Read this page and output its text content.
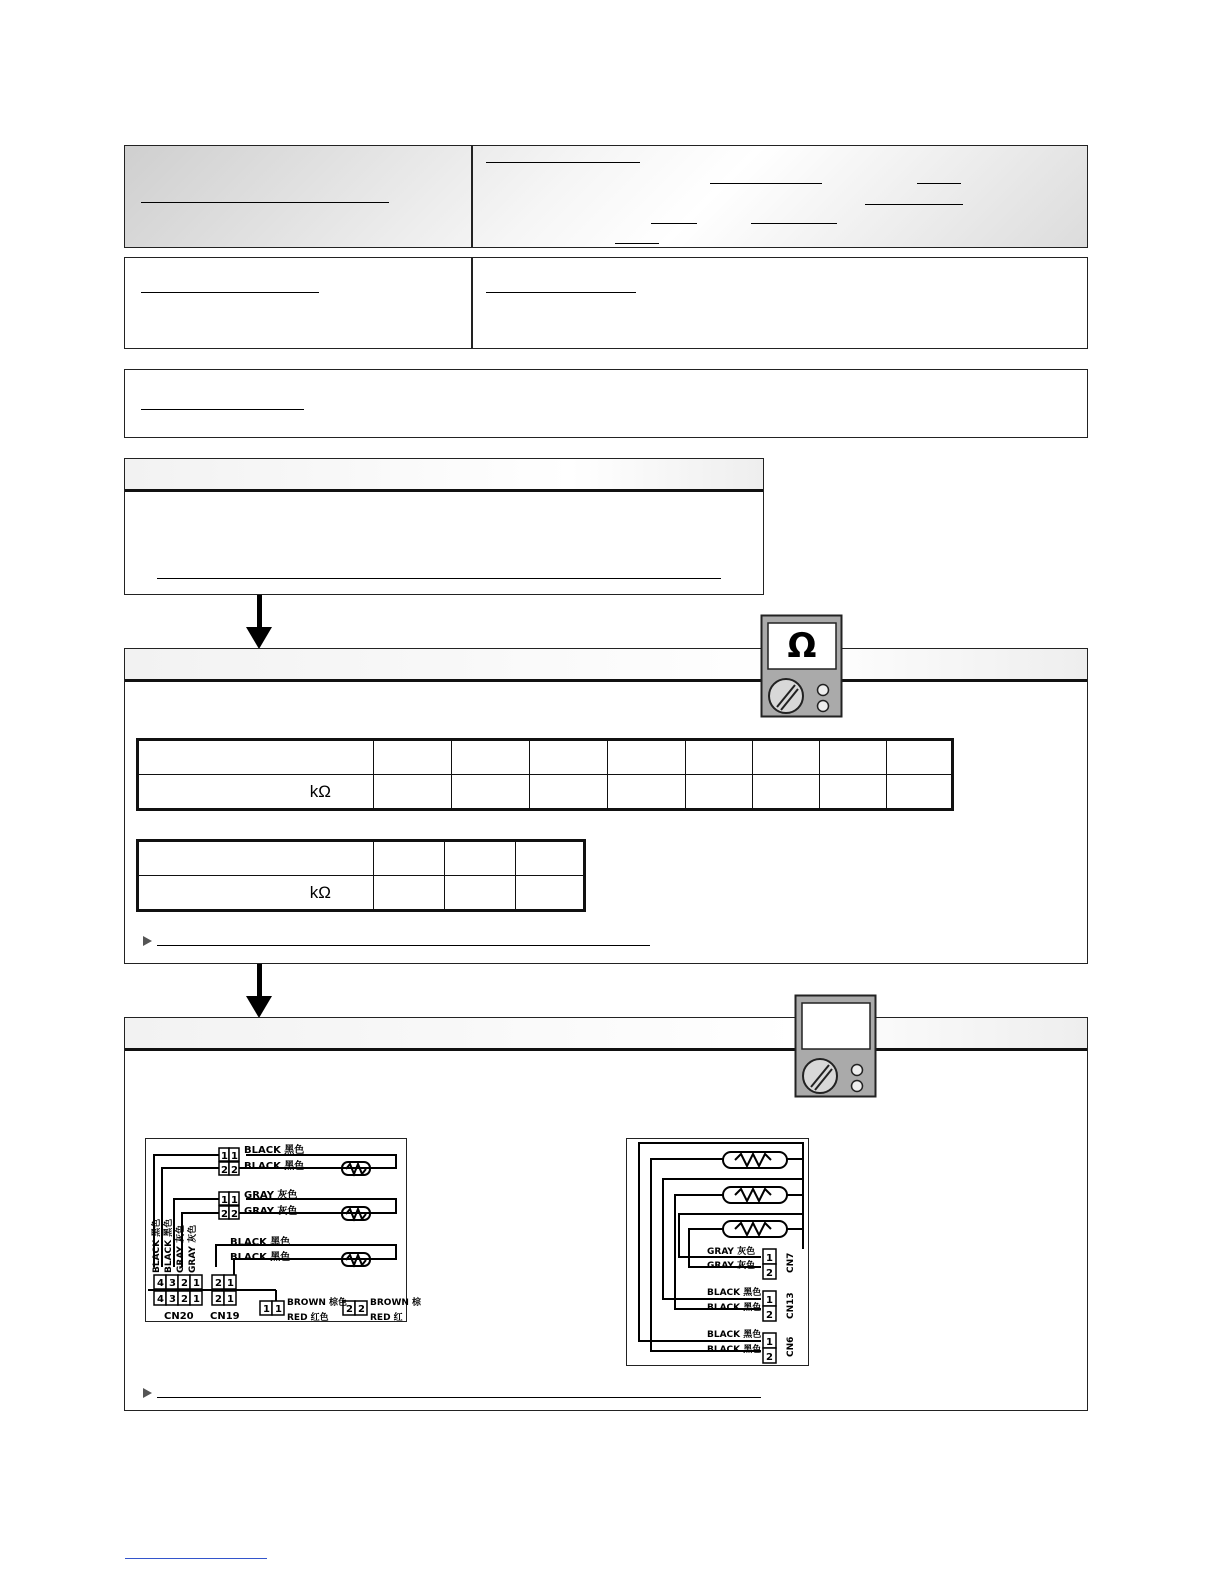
kΩ								

kΩ			
Ω
1 1
2 2
1 1
2 2
BLACK 黑色
BLACK 黑色
GRAY 灰色
GRAY 灰色
BLACK 黑色
BLACK 黑色
4 3 2 1
4 3 2 1
2 1
2 1
1 1	2 2
CN20 CN19
BROWN 棕色
RED 红色
BROWN 棕
RED 红
BLACK 黑色 BLACK 黑色 GRAY 灰色 GRAY 灰色	GRAY 灰色
GRAY 灰色
BLACK 黑色
BLACK 黑色
BLACK 黑色
BLACK 黑色
1
2
1
2
1
2
CN7
CN13
CN6
